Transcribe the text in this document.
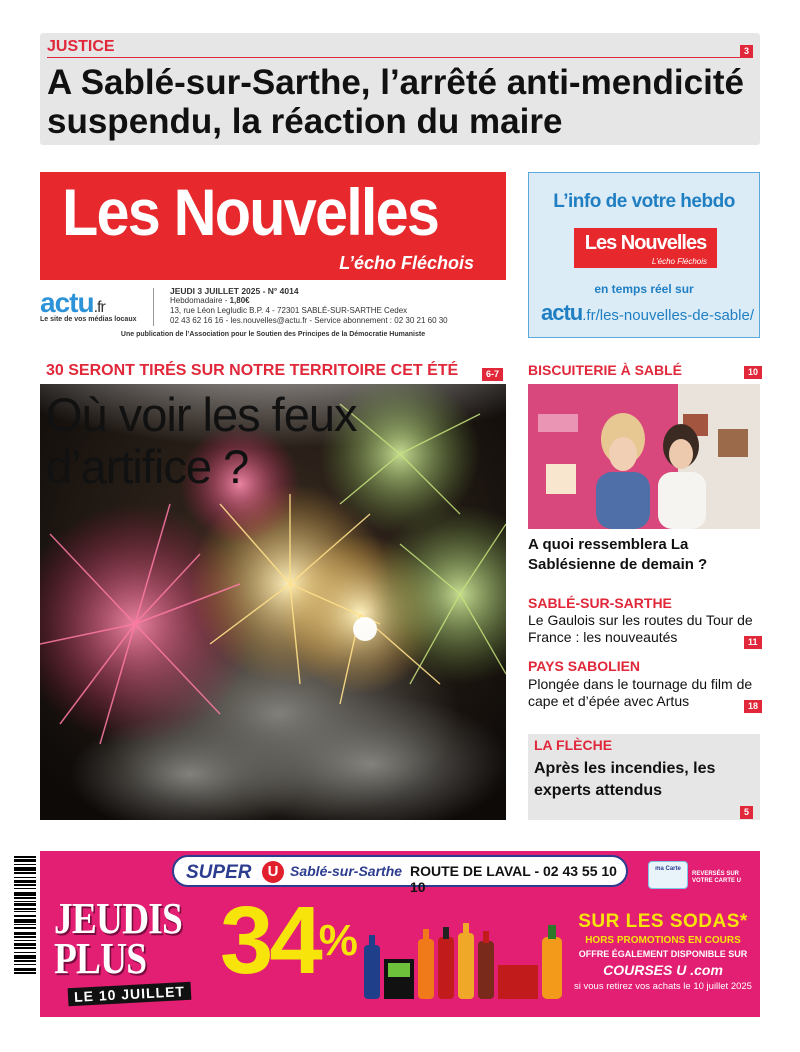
JUSTICE	3
A Sablé-sur-Sarthe, l’arrêté anti-mendicité suspendu, la réaction du maire
Les Nouvelles
L’écho Fléchois
actu.fr
Le site de vos médias locaux
JEUDI 3 JUILLET 2025 - N° 4014
Hebdomadaire - 1,80€
13, rue Léon Legludic B.P. 4 - 72301 SABLÉ-SUR-SARTHE Cedex
02 43 62 16 16 - les.nouvelles@actu.fr - Service abonnement : 02 30 21 60 30
Une publication de l’Association pour le Soutien des Principes de la Démocratie Humaniste
L’info de votre hebdo
Les Nouvelles
L’écho Fléchois
en temps réel sur
actu.fr/les-nouvelles-de-sable/
30 SERONT TIRÉS SUR NOTRE TERRITOIRE CET ÉTÉ	6-7
Où voir les feux d’artifice ?
BISCUITERIE À SABLÉ	10
A quoi ressemblera La Sablésienne de demain ?
SABLÉ-SUR-SARTHE
Le Gaulois sur les routes du Tour de France : les nouveautés	11
PAYS SABOLIEN
Plongée dans le tournage du film de cape et d’épée avec Artus	18
LA FLÈCHE
Après les incendies, les experts attendus
5
SUPER	U Sablé-sur-Sarthe ROUTE DE LAVAL - 02 43 55 10 10
ma Carte
REVERSÉS SUR VOTRE CARTE U
JEUDIS
PLUS
LE 10 JUILLET 34%	SUR LES SODAS*
HORS PROMOTIONS EN COURS
OFFRE ÉGALEMENT DISPONIBLE SUR
COURSES U .com
si vous retirez vos achats le 10 juillet 2025
